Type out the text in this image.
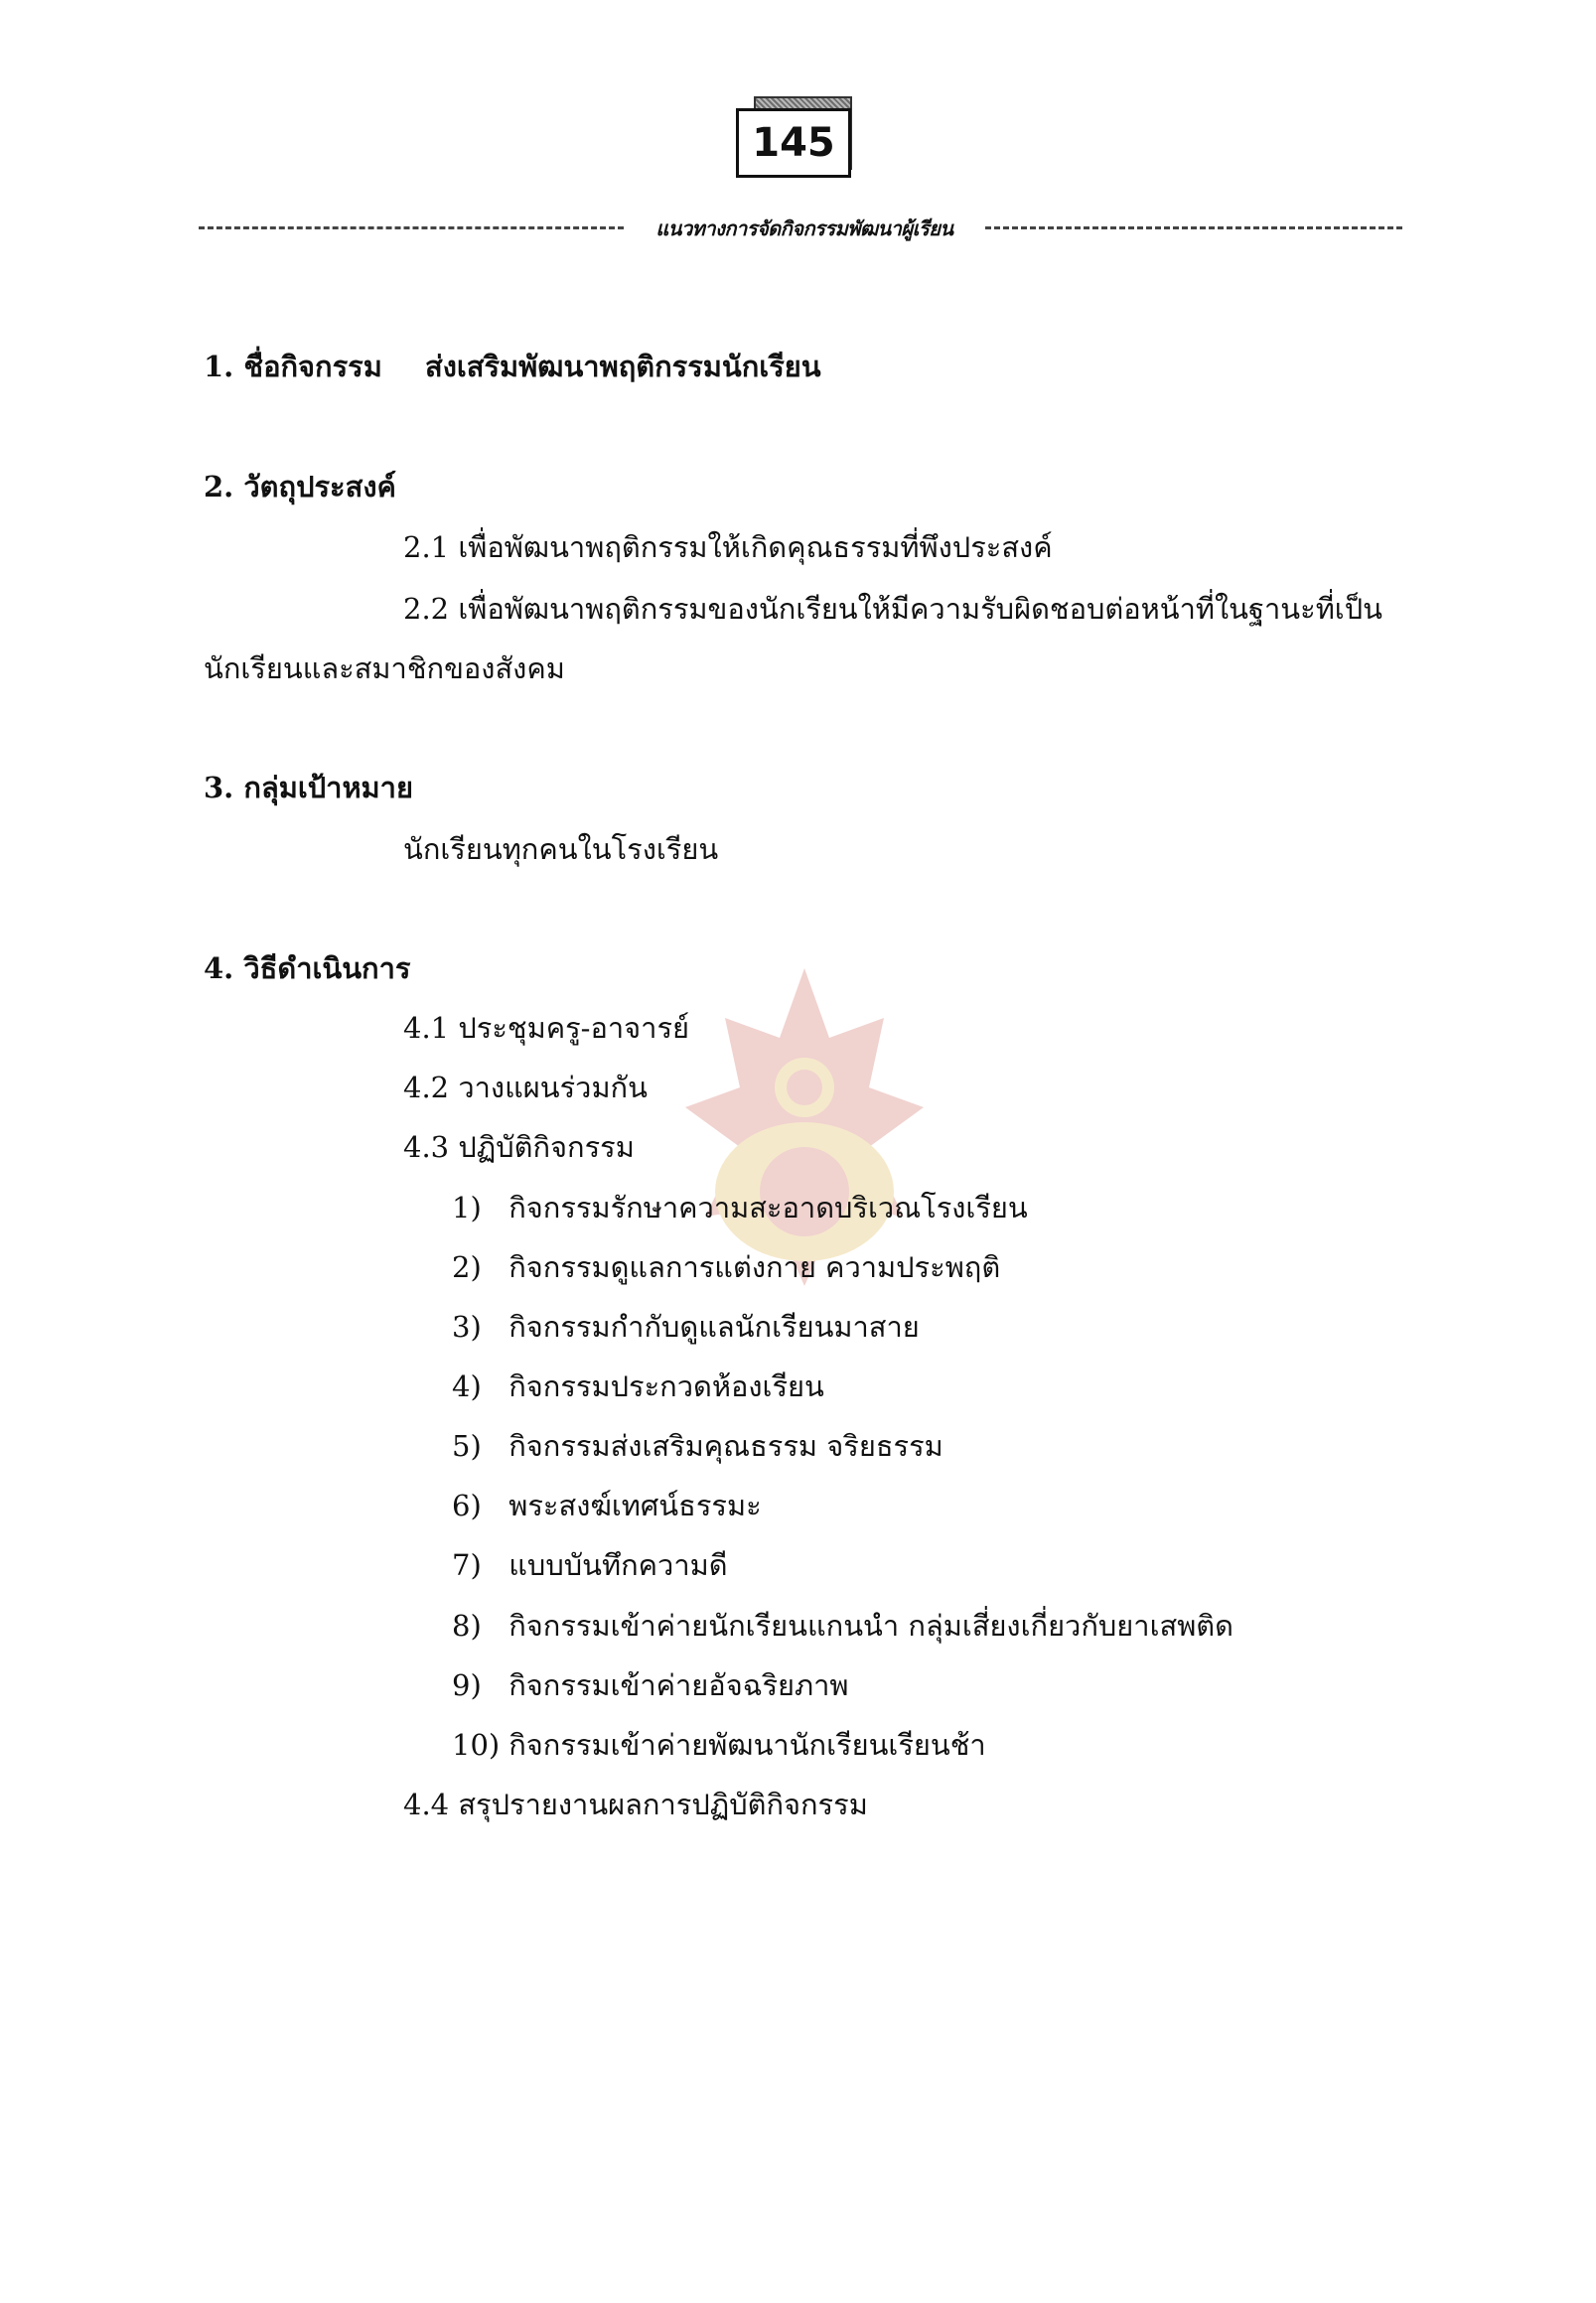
145
แนวทางการจัดกิจกรรมพัฒนาผู้เรียน
1. ชื่อกิจกรรม ส่งเสริมพัฒนาพฤติกรรมนักเรียน
2. วัตถุประสงค์
2.1 เพื่อพัฒนาพฤติกรรมให้เกิดคุณธรรมที่พึงประสงค์
2.2 เพื่อพัฒนาพฤติกรรมของนักเรียนให้มีความรับผิดชอบต่อหน้าที่ในฐานะที่เป็น
นักเรียนและสมาชิกของสังคม
3. กลุ่มเป้าหมาย
นักเรียนทุกคนในโรงเรียน
4. วิธีดำเนินการ
4.1 ประชุมครู-อาจารย์
4.2 วางแผนร่วมกัน
4.3 ปฏิบัติกิจกรรม
1) กิจกรรมรักษาความสะอาดบริเวณโรงเรียน
2) กิจกรรมดูแลการแต่งกาย ความประพฤติ
3) กิจกรรมกำกับดูแลนักเรียนมาสาย
4) กิจกรรมประกวดห้องเรียน
5) กิจกรรมส่งเสริมคุณธรรม จริยธรรม
6) พระสงฆ์เทศน์ธรรมะ
7) แบบบันทึกความดี
8) กิจกรรมเข้าค่ายนักเรียนแกนนำ กลุ่มเสี่ยงเกี่ยวกับยาเสพติด
9) กิจกรรมเข้าค่ายอัจฉริยภาพ
10) กิจกรรมเข้าค่ายพัฒนานักเรียนเรียนช้า
4.4 สรุปรายงานผลการปฏิบัติกิจกรรม
